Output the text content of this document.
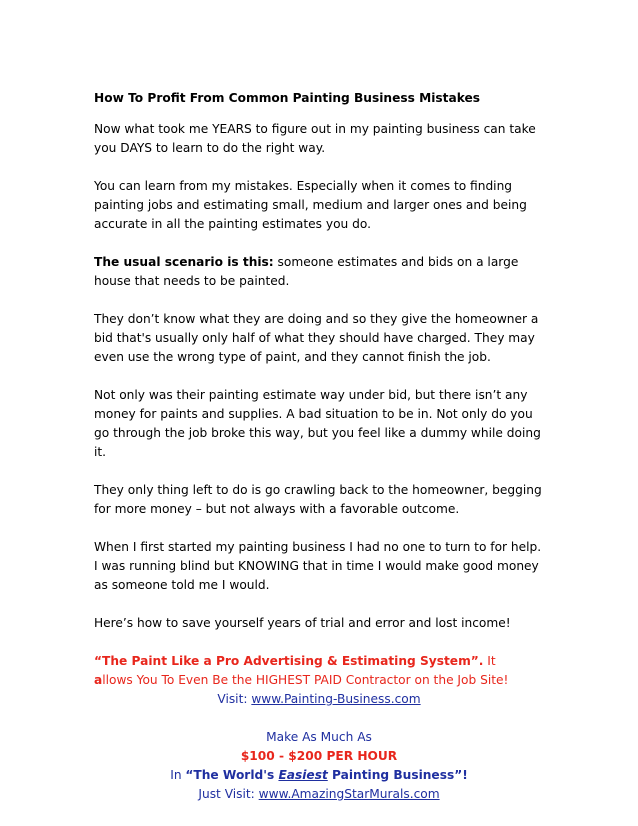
How To Profit From Common Painting Business Mistakes

Now what took me YEARS to figure out in my painting business can take you DAYS to learn to do the right way.

You can learn from my mistakes. Especially when it comes to finding painting jobs and estimating small, medium and larger ones and being accurate in all the painting estimates you do.

The usual scenario is this: someone estimates and bids on a large house that needs to be painted.

They don’t know what they are doing and so they give the homeowner a bid that's usually only half of what they should have charged. They may even use the wrong type of paint, and they cannot finish the job.

Not only was their painting estimate way under bid, but there isn’t any money for paints and supplies. A bad situation to be in. Not only do you go through the job broke this way, but you feel like a dummy while doing it.

They only thing left to do is go crawling back to the homeowner, begging for more money – but not always with a favorable outcome.

When I first started my painting business I had no one to turn to for help. I was running blind but KNOWING that in time I would make good money as someone told me I would.

Here’s how to save yourself years of trial and error and lost income!

“The Paint Like a Pro Advertising & Estimating System”. It

allows You To Even Be the HIGHEST PAID Contractor on the Job Site!

Visit: www.Painting-Business.com

Make As Much As

$100 - $200 PER HOUR

In “The World's Easiest Painting Business”!

Just Visit: www.AmazingStarMurals.com
